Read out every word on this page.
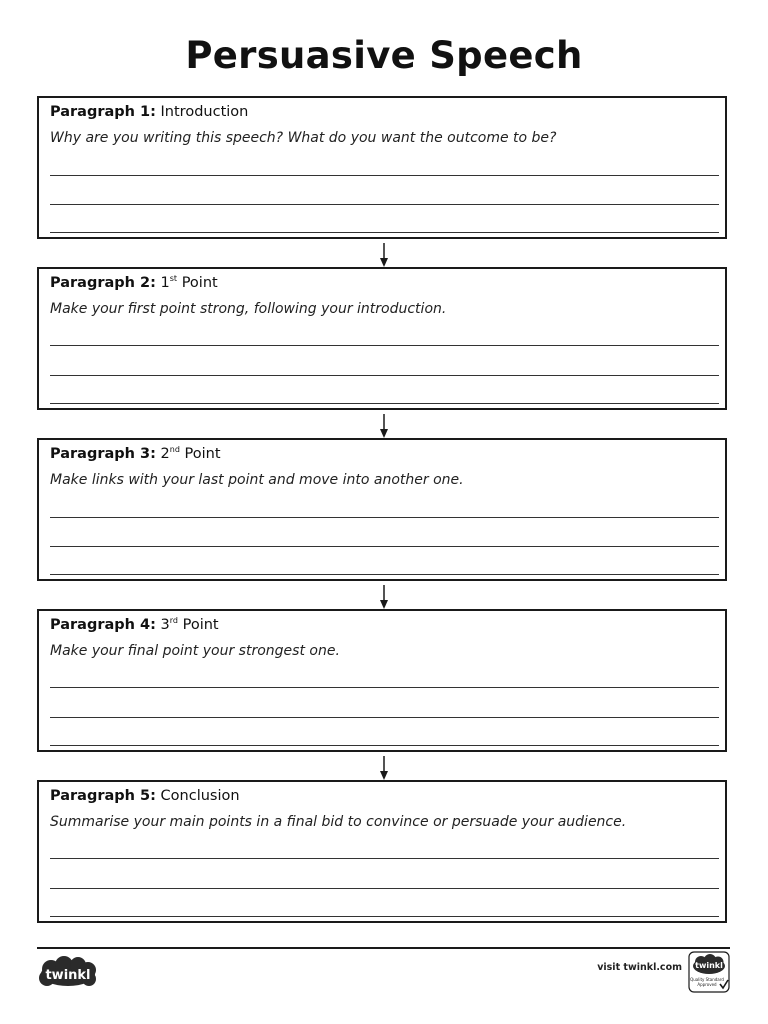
Persuasive Speech
Paragraph 1: Introduction
Why are you writing this speech? What do you want the outcome to be?
Paragraph 2: 1st Point
Make your first point strong, following your introduction.
Paragraph 3: 2nd Point
Make links with your last point and move into another one.
Paragraph 4: 3rd Point
Make your final point your strongest one.
Paragraph 5: Conclusion
Summarise your main points in a final bid to convince or persuade your audience.
twinkl
visit twinkl.com twinkl
Quality Standard
Approved
